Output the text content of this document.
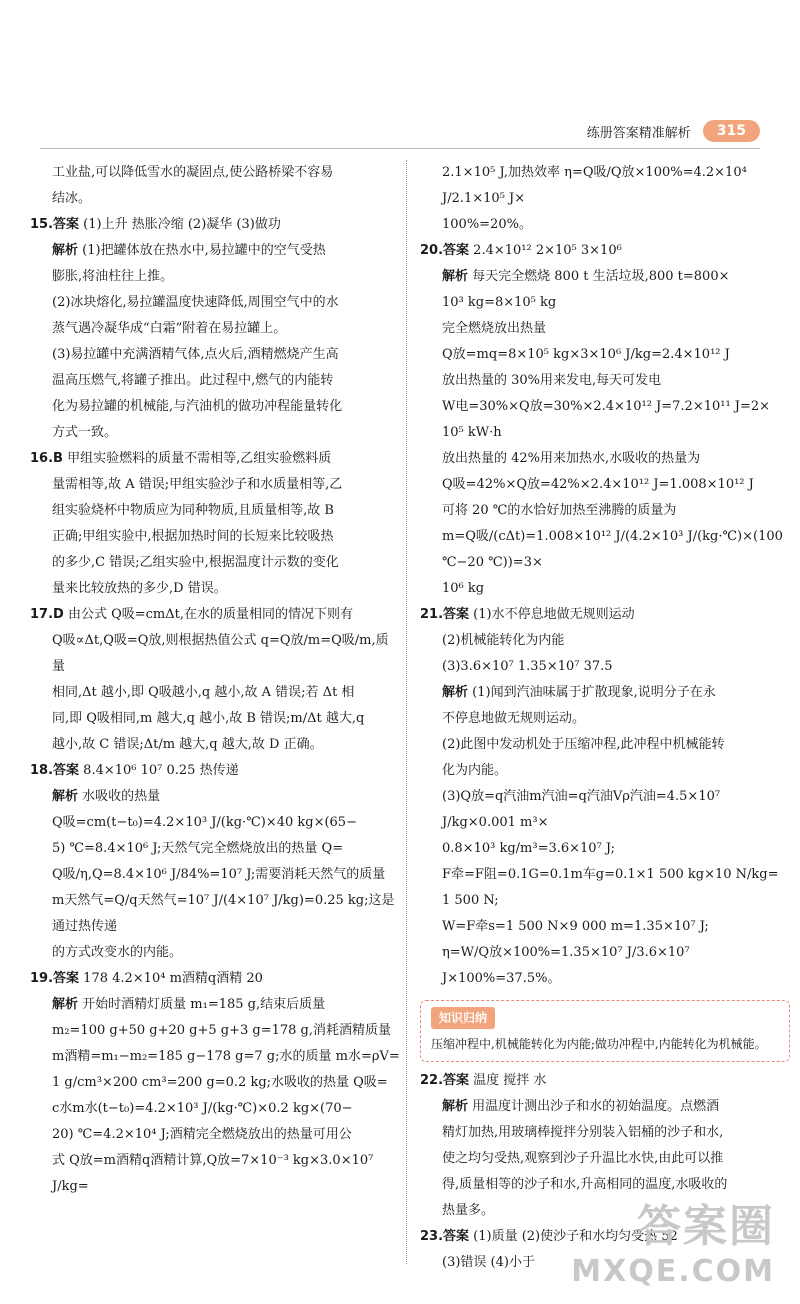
练册答案精准解析	315
工业盐,可以降低雪水的凝固点,使公路桥梁不容易
结冰。
15.答案 (1)上升 热胀冷缩 (2)凝华 (3)做功
解析 (1)把罐体放在热水中,易拉罐中的空气受热
膨胀,将油柱往上推。
(2)冰块熔化,易拉罐温度快速降低,周围空气中的水
蒸气遇冷凝华成“白霜”附着在易拉罐上。
(3)易拉罐中充满酒精气体,点火后,酒精燃烧产生高
温高压燃气,将罐子推出。此过程中,燃气的内能转
化为易拉罐的机械能,与汽油机的做功冲程能量转化
方式一致。
16.B 甲组实验燃料的质量不需相等,乙组实验燃料质
量需相等,故 A 错误;甲组实验沙子和水质量相等,乙
组实验烧杯中物质应为同种物质,且质量相等,故 B
正确;甲组实验中,根据加热时间的长短来比较吸热
的多少,C 错误;乙组实验中,根据温度计示数的变化
量来比较放热的多少,D 错误。
17.D 由公式 Q吸=cmΔt,在水的质量相同的情况下则有
Q吸∝Δt,Q吸=Q放,则根据热值公式 q=Q放/m=Q吸/m,质量
相同,Δt 越小,即 Q吸越小,q 越小,故 A 错误;若 Δt 相
同,即 Q吸相同,m 越大,q 越小,故 B 错误;m/Δt 越大,q
越小,故 C 错误;Δt/m 越大,q 越大,故 D 正确。
18.答案 8.4×10⁶ 10⁷ 0.25 热传递
解析 水吸收的热量
Q吸=cm(t−t₀)=4.2×10³ J/(kg·℃)×40 kg×(65−
5) ℃=8.4×10⁶ J;天然气完全燃烧放出的热量 Q=
Q吸/η,Q=8.4×10⁶ J/84%=10⁷ J;需要消耗天然气的质量
m天然气=Q/q天然气=10⁷ J/(4×10⁷ J/kg)=0.25 kg;这是通过热传递
的方式改变水的内能。
19.答案 178 4.2×10⁴ m酒精q酒精 20
解析 开始时酒精灯质量 m₁=185 g,结束后质量
m₂=100 g+50 g+20 g+5 g+3 g=178 g,消耗酒精质量
m酒精=m₁−m₂=185 g−178 g=7 g;水的质量 m水=ρV=
1 g/cm³×200 cm³=200 g=0.2 kg;水吸收的热量 Q吸=
c水m水(t−t₀)=4.2×10³ J/(kg·℃)×0.2 kg×(70−
20) ℃=4.2×10⁴ J;酒精完全燃烧放出的热量可用公
式 Q放=m酒精q酒精计算,Q放=7×10⁻³ kg×3.0×10⁷ J/kg=
2.1×10⁵ J,加热效率 η=Q吸/Q放×100%=4.2×10⁴ J/2.1×10⁵ J×
100%=20%。
20.答案 2.4×10¹² 2×10⁵ 3×10⁶
解析 每天完全燃烧 800 t 生活垃圾,800 t=800×
10³ kg=8×10⁵ kg
完全燃烧放出热量
Q放=mq=8×10⁵ kg×3×10⁶ J/kg=2.4×10¹² J
放出热量的 30%用来发电,每天可发电
W电=30%×Q放=30%×2.4×10¹² J=7.2×10¹¹ J=2×
10⁵ kW·h
放出热量的 42%用来加热水,水吸收的热量为
Q吸=42%×Q放=42%×2.4×10¹² J=1.008×10¹² J
可将 20 ℃的水恰好加热至沸腾的质量为
m=Q吸/(cΔt)=1.008×10¹² J/(4.2×10³ J/(kg·℃)×(100 ℃−20 ℃))=3×
10⁶ kg
21.答案 (1)水不停息地做无规则运动
(2)机械能转化为内能
(3)3.6×10⁷ 1.35×10⁷ 37.5
解析 (1)闻到汽油味属于扩散现象,说明分子在永
不停息地做无规则运动。
(2)此图中发动机处于压缩冲程,此冲程中机械能转
化为内能。
(3)Q放=q汽油m汽油=q汽油Vρ汽油=4.5×10⁷ J/kg×0.001 m³×
0.8×10³ kg/m³=3.6×10⁷ J;
F牵=F阻=0.1G=0.1m车g=0.1×1 500 kg×10 N/kg=
1 500 N;
W=F牵s=1 500 N×9 000 m=1.35×10⁷ J;
η=W/Q放×100%=1.35×10⁷ J/3.6×10⁷ J×100%=37.5%。
知识归纳
压缩冲程中,机械能转化为内能;做功冲程中,内能转化为机械能。
22.答案 温度 搅拌 水
解析 用温度计测出沙子和水的初始温度。点燃酒
精灯加热,用玻璃棒搅拌分别装入铝桶的沙子和水,
使之均匀受热,观察到沙子升温比水快,由此可以推
得,质量相等的沙子和水,升高相同的温度,水吸收的
热量多。
23.答案 (1)质量 (2)使沙子和水均匀受热 52
(3)错误 (4)小于
答案圈
MXQE.COM
